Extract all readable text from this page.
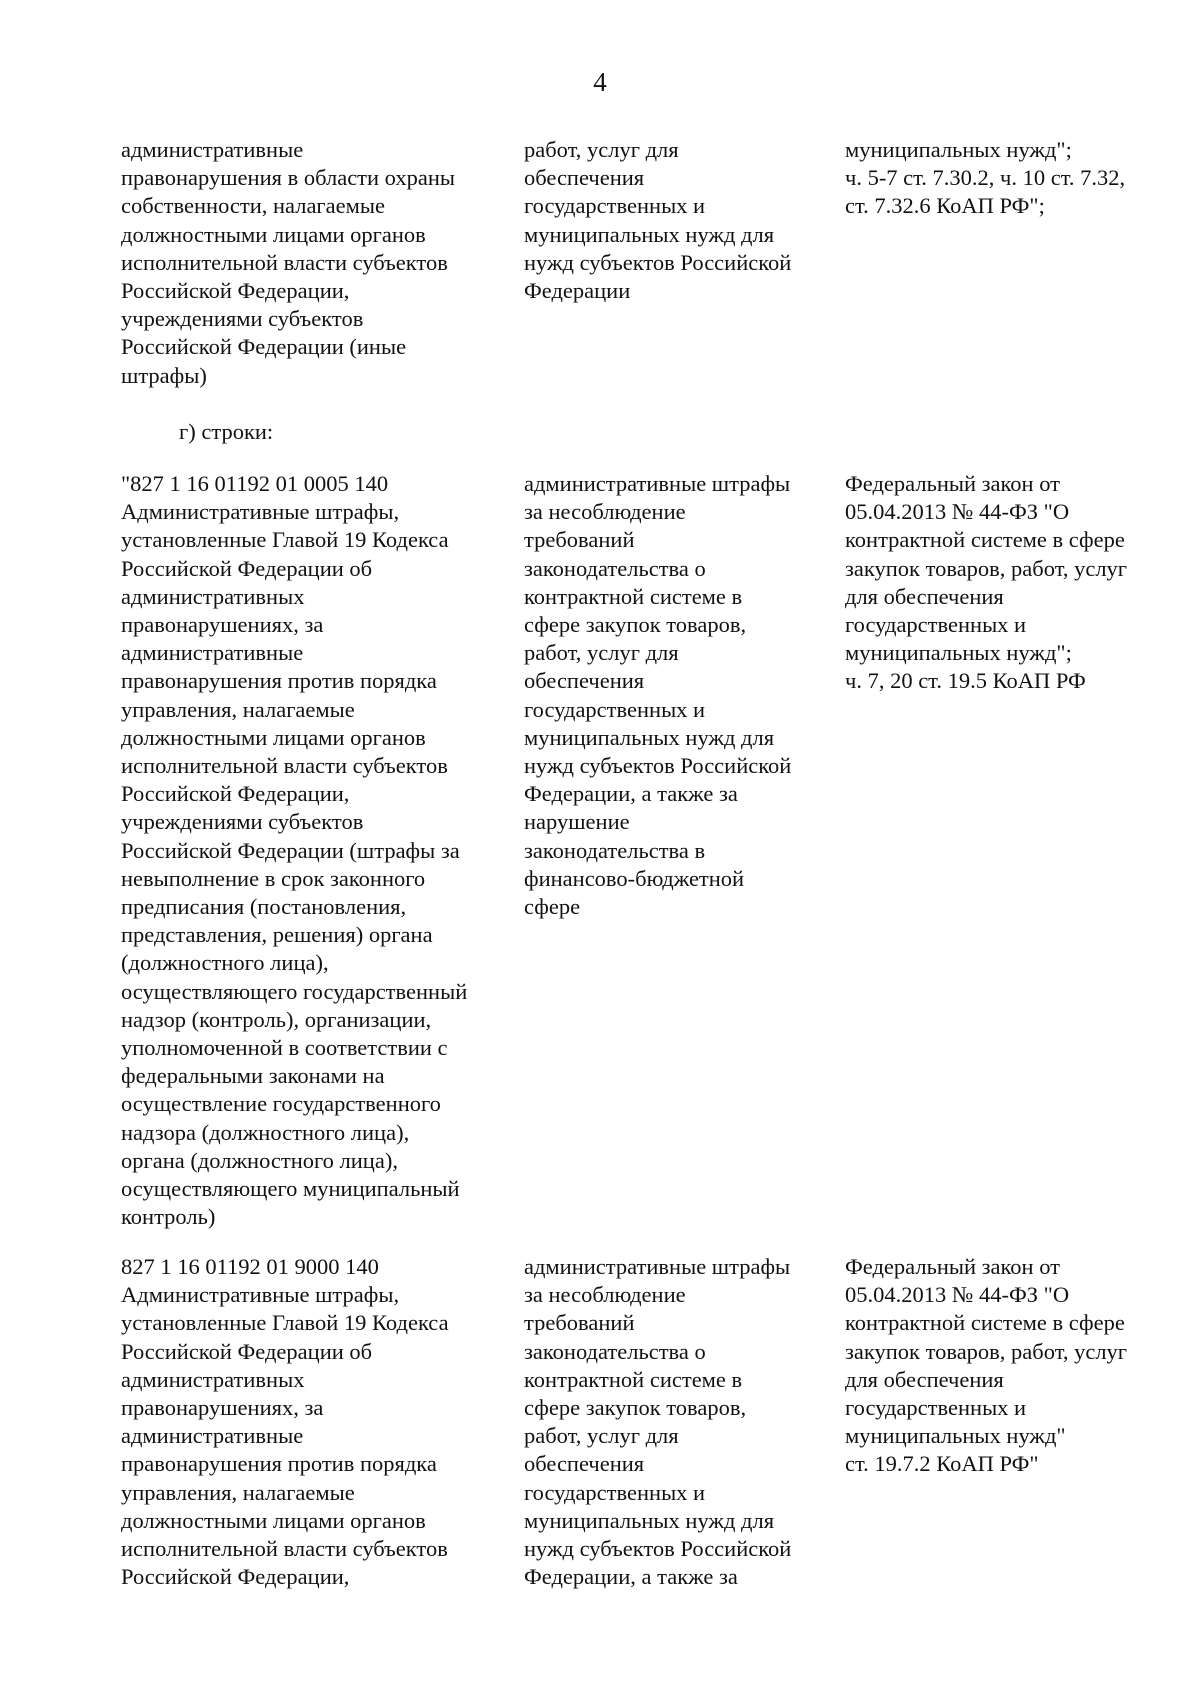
4
административные
правонарушения в области охраны
собственности, налагаемые
должностными лицами органов
исполнительной власти субъектов
Российской Федерации,
учреждениями субъектов
Российской Федерации (иные
штрафы)
работ, услуг для
обеспечения
государственных и
муниципальных нужд для
нужд субъектов Российской
Федерации
муниципальных нужд";
ч. 5-7 ст. 7.30.2, ч. 10 ст. 7.32,
ст. 7.32.6 КоАП РФ";
г) строки:
"827 1 16 01192 01 0005 140
Административные штрафы,
установленные Главой 19 Кодекса
Российской Федерации об
административных
правонарушениях, за
административные
правонарушения против порядка
управления, налагаемые
должностными лицами органов
исполнительной власти субъектов
Российской Федерации,
учреждениями субъектов
Российской Федерации (штрафы за
невыполнение в срок законного
предписания (постановления,
представления, решения) органа
(должностного лица),
осуществляющего государственный
надзор (контроль), организации,
уполномоченной в соответствии с
федеральными законами на
осуществление государственного
надзора (должностного лица),
органа (должностного лица),
осуществляющего муниципальный
контроль)
административные штрафы
за несоблюдение
требований
законодательства о
контрактной системе в
сфере закупок товаров,
работ, услуг для
обеспечения
государственных и
муниципальных нужд для
нужд субъектов Российской
Федерации, а также за
нарушение
законодательства в
финансово-бюджетной
сфере
Федеральный закон от
05.04.2013 № 44-ФЗ "О
контрактной системе в сфере
закупок товаров, работ, услуг
для обеспечения
государственных и
муниципальных нужд";
ч. 7, 20 ст. 19.5 КоАП РФ
827 1 16 01192 01 9000 140
Административные штрафы,
установленные Главой 19 Кодекса
Российской Федерации об
административных
правонарушениях, за
административные
правонарушения против порядка
управления, налагаемые
должностными лицами органов
исполнительной власти субъектов
Российской Федерации,
административные штрафы
за несоблюдение
требований
законодательства о
контрактной системе в
сфере закупок товаров,
работ, услуг для
обеспечения
государственных и
муниципальных нужд для
нужд субъектов Российской
Федерации, а также за
Федеральный закон от
05.04.2013 № 44-ФЗ "О
контрактной системе в сфере
закупок товаров, работ, услуг
для обеспечения
государственных и
муниципальных нужд"
ст. 19.7.2 КоАП РФ"
